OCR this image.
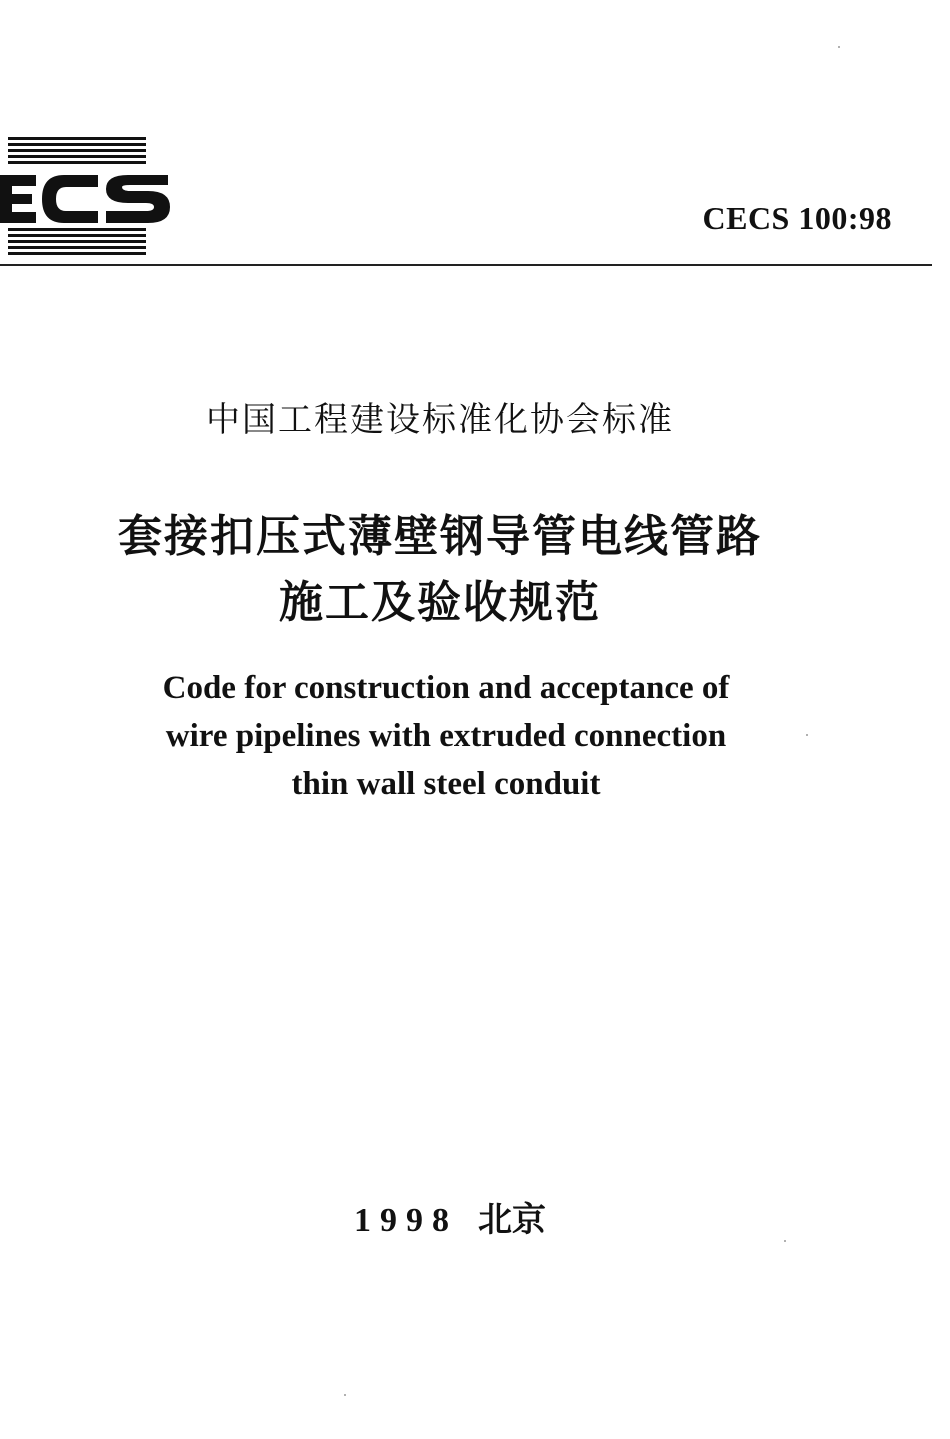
CECS 100:98
中国工程建设标准化协会标准
套接扣压式薄壁钢导管电线管路
施工及验收规范
Code for construction and acceptance of
wire pipelines with extruded connection
thin wall steel conduit
1998 北京
